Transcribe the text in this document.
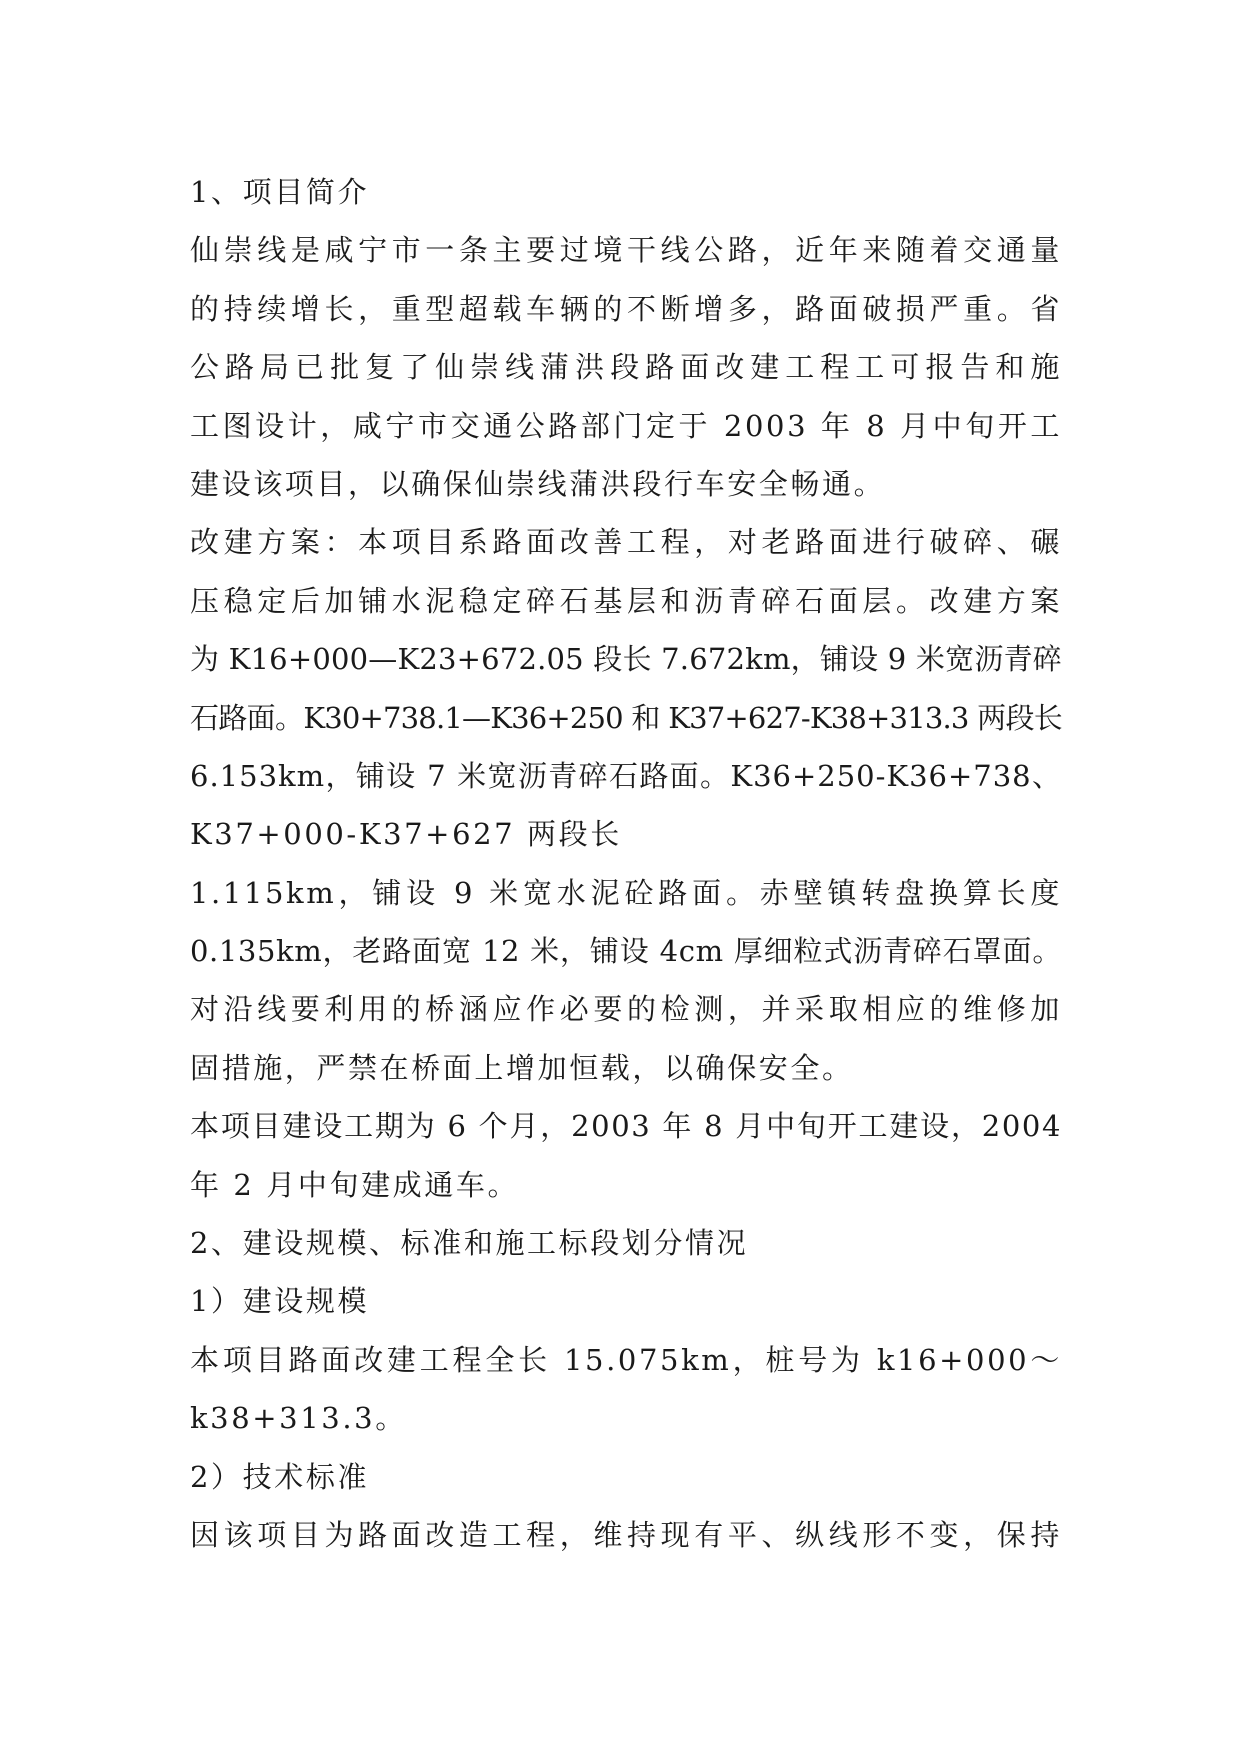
1、项目简介
仙崇线是咸宁市一条主要过境干线公路，近年来随着交通量
的持续增长，重型超载车辆的不断增多，路面破损严重。省
公路局已批复了仙崇线蒲洪段路面改建工程工可报告和施
工图设计，咸宁市交通公路部门定于 2003 年 8 月中旬开工
建设该项目，以确保仙崇线蒲洪段行车安全畅通。
改建方案：本项目系路面改善工程，对老路面进行破碎、碾
压稳定后加铺水泥稳定碎石基层和沥青碎石面层。改建方案
为 K16+000—K23+672.05 段长 7.672km，铺设 9 米宽沥青碎
石路面。K30+738.1—K36+250 和 K37+627-K38+313.3 两段长
6.153km，铺设 7 米宽沥青碎石路面。K36+250-K36+738、
K37+000-K37+627 两段长
1.115km，铺设 9 米宽水泥砼路面。赤壁镇转盘换算长度
0.135km，老路面宽 12 米，铺设 4cm 厚细粒式沥青碎石罩面。
对沿线要利用的桥涵应作必要的检测，并采取相应的维修加
固措施，严禁在桥面上增加恒载，以确保安全。
本项目建设工期为 6 个月，2003 年 8 月中旬开工建设，2004
年 2 月中旬建成通车。
2、建设规模、标准和施工标段划分情况
1）建设规模
本项目路面改建工程全长 15.075km，桩号为 k16+000～
k38+313.3。
2）技术标准
因该项目为路面改造工程，维持现有平、纵线形不变，保持
